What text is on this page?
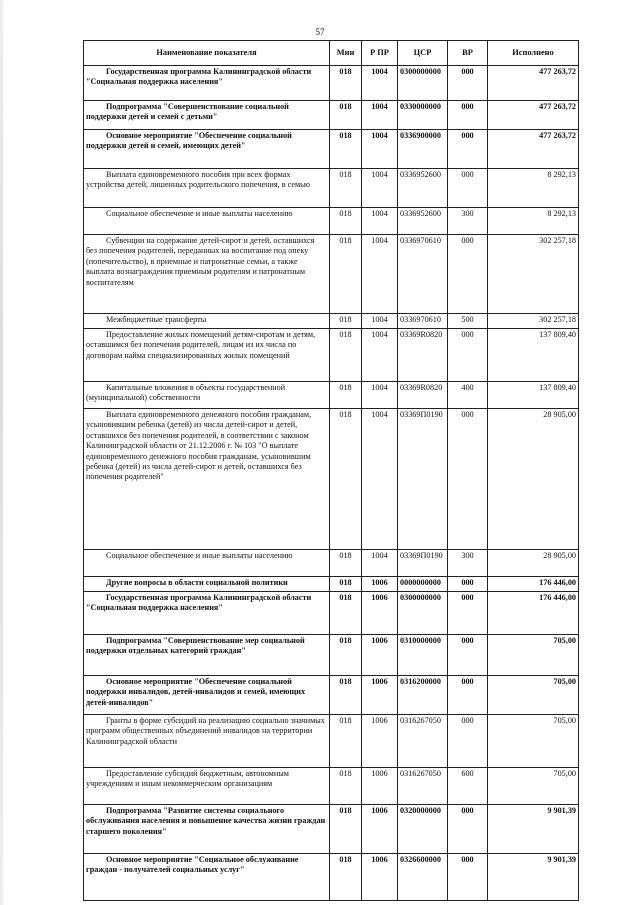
57
Наименование показателя	Мин	Р ПР	ЦСР	ВР	Исполнено

Государственная программа Калининградской области "Социальная поддержка населения"	018	1004	0300000000	000	477 263,72

Подпрограмма "Совершенствование социальной поддержки детей и семей с детьми"	018	1004	0330000000	000	477 263,72

Основное мероприятие "Обеспечение социальной поддержки детей и семей, имеющих детей"	018	1004	0336900000	000	477 263,72

Выплата единовременного пособия при всех формах устройства детей, лишенных родительского попечения, в семью	018	1004	0336952600	000	8 292,13

Социальное обеспечение и иные выплаты населению	018	1004	0336952600	300	8 292,13

Субвенции на содержание детей-сирот и детей, оставшихся без попечения родителей, переданных на воспитание под опеку (попечительство), в приемные и патронатные семьи, а также выплата вознаграждения приемным родителям и патронатным воспитателям	018	1004	0336970610	000	302 257,18

Межбюджетные трансферты	018	1004	0336970610	500	302 257,18

Предоставление жилых помещений детям-сиротам и детям, оставшимся без попечения родителей, лицам из их числа по договорам найма специализированных жилых помещений	018	1004	03369R0820	000	137 809,40

Капитальные вложения в объекты государственной (муниципальной) собственности	018	1004	03369R0820	400	137 809,40

Выплата единовременного денежного пособия гражданам, усыновившим ребенка (детей) из числа детей-сирот и детей, оставшихся без попечения родителей, в соответствии с законом Калининградской области от 21.12.2006 г. № 103 "О выплате единовременного денежного пособия гражданам, усыновившим ребенка (детей) из числа детей-сирот и детей, оставшихся без попечения родителей"	018	1004	03369П0190	000	28 905,00

Социальное обеспечение и иные выплаты населению	018	1004	03369П0190	300	28 905,00

Другие вопросы в области социальной политики	018	1006	0000000000	000	176 446,00

Государственная программа Калининградской области "Социальная поддержка населения"	018	1006	0300000000	000	176 446,00

Подпрограмма "Совершенствование мер социальной поддержки отдельных категорий граждан"	018	1006	0310000000	000	705,00

Основное мероприятие "Обеспечение социальной поддержки инвалидов, детей-инвалидов и семей, имеющих детей-инвалидов"	018	1006	0316200000	000	705,00

Гранты в форме субсидий на реализацию социально значимых программ общественных объединений инвалидов на территории Калининградской области	018	1006	0316267050	000	705,00

Предоставление субсидий бюджетным, автономным учреждениям и иным некоммерческим организациям	018	1006	0316267050	600	705,00

Подпрограмма "Развитие системы социального обслуживания населения и повышение качества жизни граждан старшего поколения"	018	1006	0320000000	000	9 901,39

Основное мероприятие "Социальное обслуживание граждан - получателей социальных услуг"	018	1006	0326600000	000	9 901,39
